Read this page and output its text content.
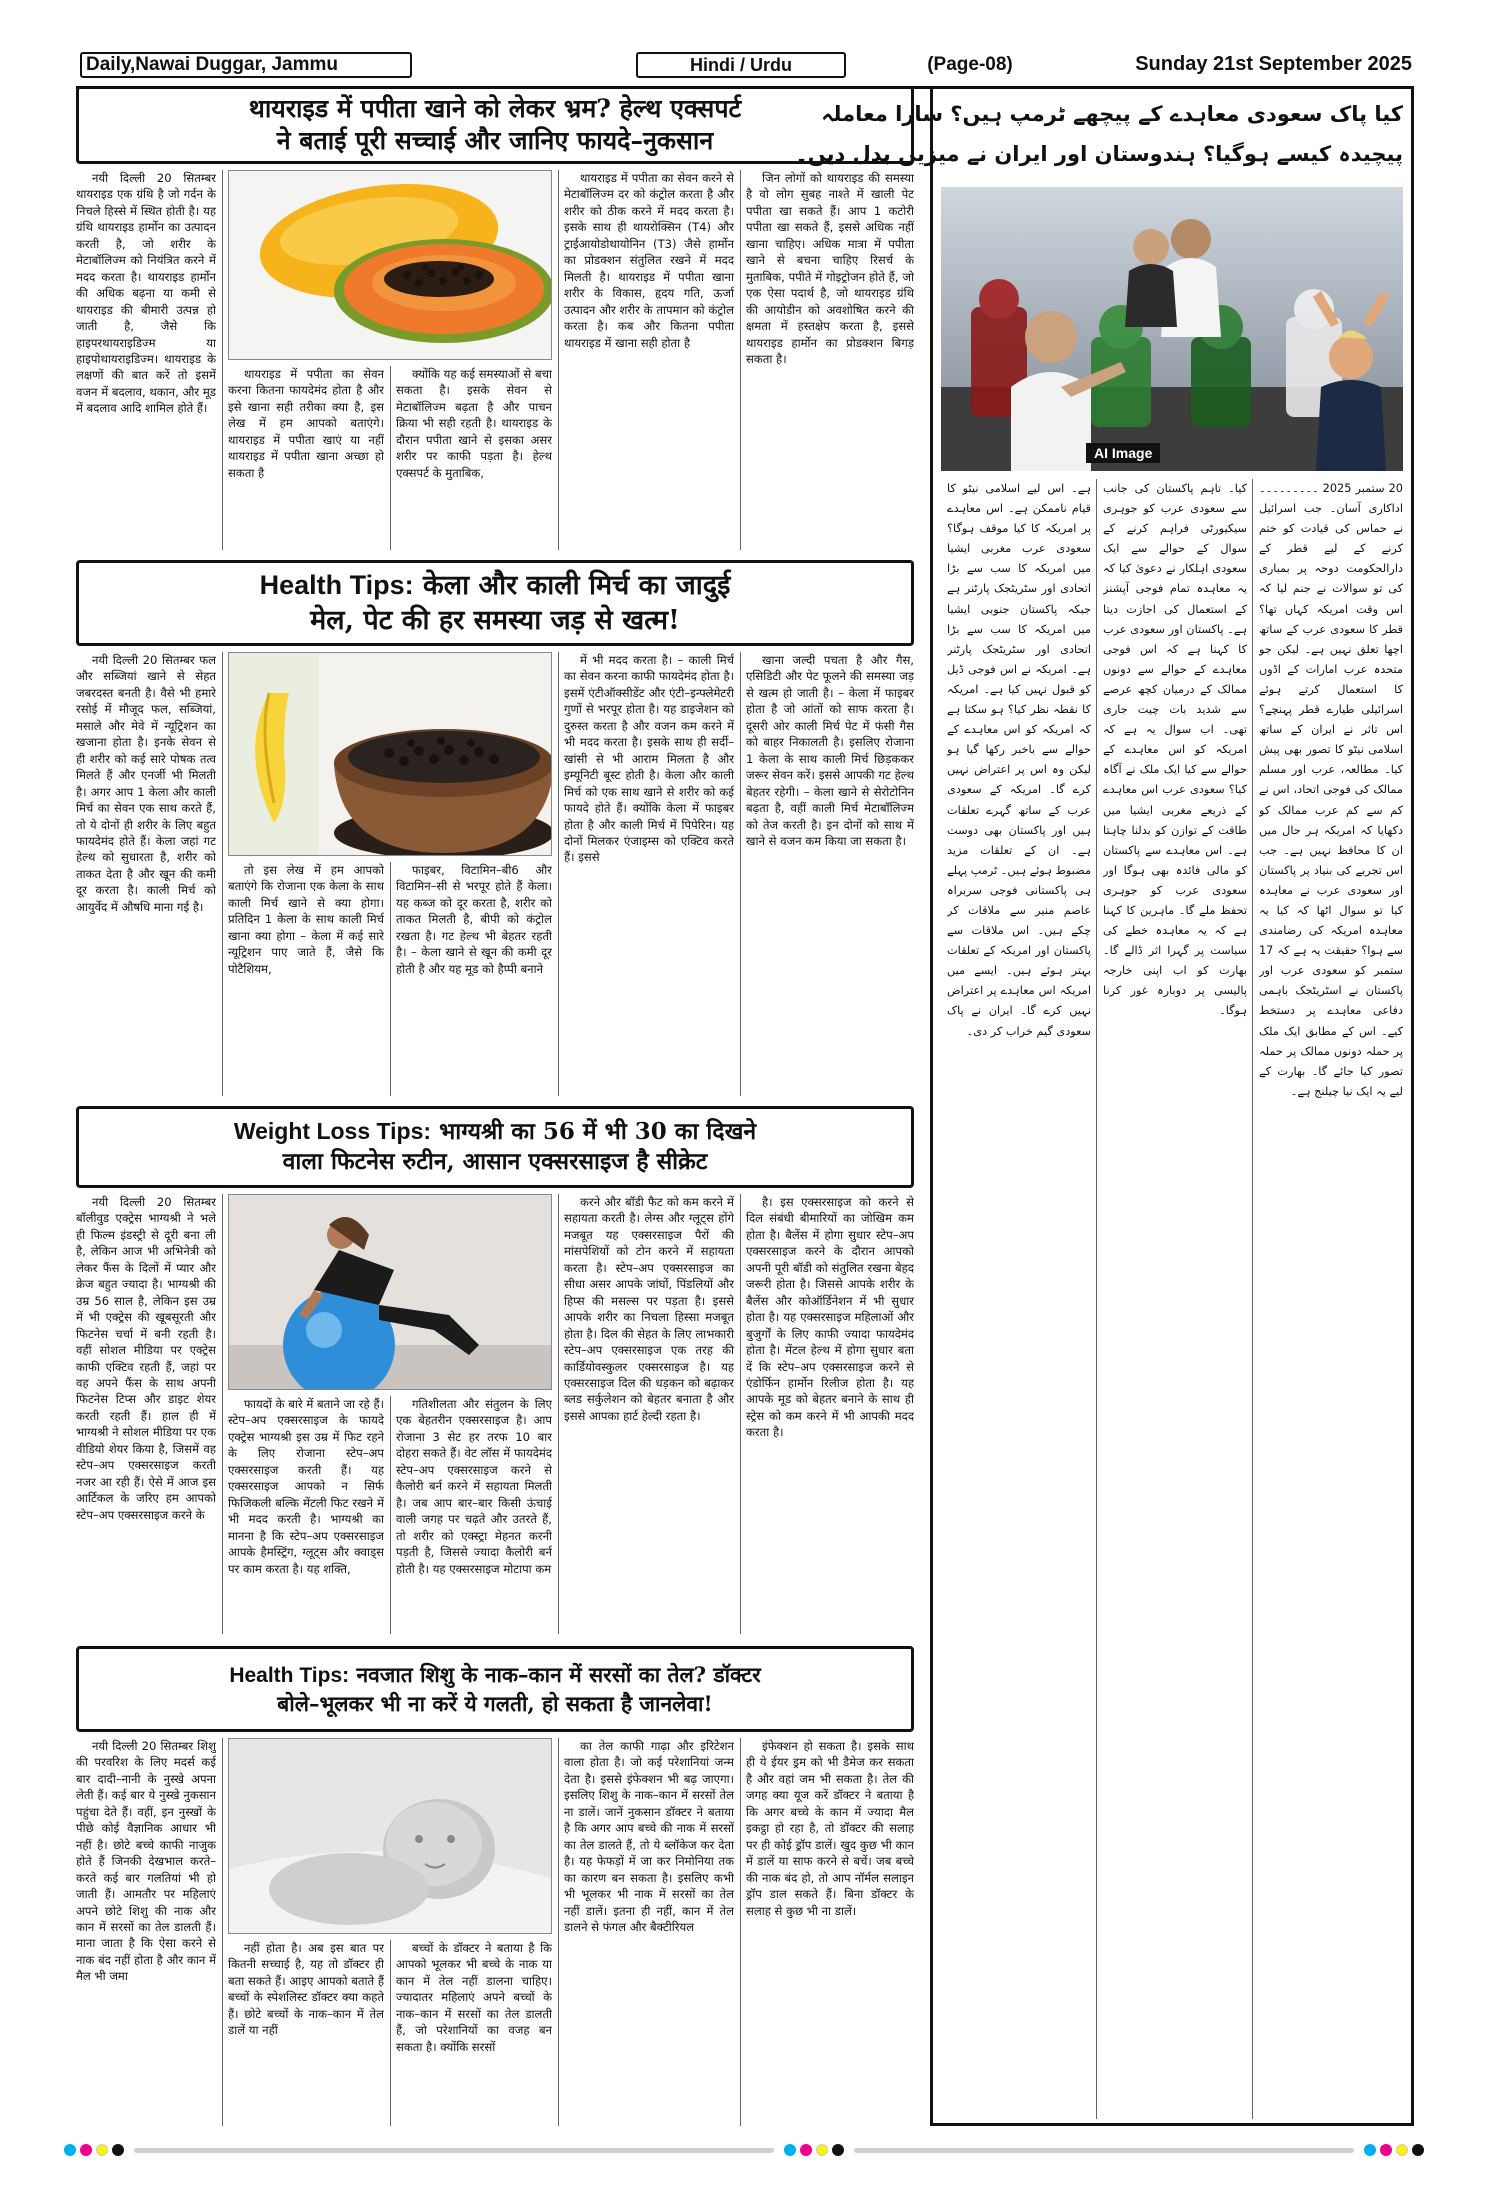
Daily,Nawai Duggar, Jammu	Hindi / Urdu	(Page-08)	Sunday 21st September 2025
थायराइड में पपीता खाने को लेकर भ्रम? हेल्थ एक्सपर्ट
ने बताई पूरी सच्चाई और जानिए फायदे–नुकसान

नयी दिल्ली 20 सितम्बर थायराइड एक ग्रंथि है जो गर्दन के निचले हिस्से में स्थित होती है। यह ग्रंथि थायराइड हार्मोन का उत्पादन करती है, जो शरीर के मेटाबॉलिज्म को नियंत्रित करने में मदद करता है। थायराइड हार्मोन की अधिक बढ़ना या कमी से थायराइड की बीमारी उत्पन्न हो जाती है, जैसे कि हाइपरथायराइडिज्म या हाइपोथायराइडिज्म। थायराइड के लक्षणों की बात करें तो इसमें वजन में बदलाव, थकान, और मूड में बदलाव आदि शामिल होते हैं।

थायराइड में पपीता का सेवन करना कितना फायदेमंद होता है और इसे खाना सही तरीका क्या है, इस लेख में हम आपको बताएंगे। थायराइड में पपीता खाएं या नहीं थायराइड में पपीता खाना अच्छा हो सकता है

क्योंकि यह कई समस्याओं से बचा सकता है। इसके सेवन से मेटाबॉलिज्म बढ़ता है और पाचन क्रिया भी सही रहती है। थायराइड के दौरान पपीता खाने से इसका असर शरीर पर काफी पड़ता है। हेल्थ एक्सपर्ट के मुताबिक,

थायराइड में पपीता का सेवन करने से मेटाबॉलिज्म दर को कंट्रोल करता है और शरीर को ठीक करने में मदद करता है। इसके साथ ही थायरोक्सिन (T4) और ट्राईआयोडोथायोनिन (T3) जैसे हार्मोन का प्रोडक्शन संतुलित रखने में मदद मिलती है। थायराइड में पपीता खाना शरीर के विकास, हृदय गति, ऊर्जा उत्पादन और शरीर के तापमान को कंट्रोल करता है। कब और कितना पपीता थायराइड में खाना सही होता है

जिन लोगों को थायराइड की समस्या है वो लोग सुबह नाश्ते में खाली पेट पपीता खा सकते हैं। आप 1 कटोरी पपीता खा सकते हैं, इससे अधिक नहीं खाना चाहिए। अधिक मात्रा में पपीता खाने से बचना चाहिए रिसर्च के मुताबिक, पपीते में गोइट्रोजन होते हैं, जो एक ऐसा पदार्थ है, जो थायराइड ग्रंथि की आयोडीन को अवशोषित करने की क्षमता में हस्तक्षेप करता है, इससे थायराइड हार्मोन का प्रोडक्शन बिगड़ सकता है।

Health Tips: केला और काली मिर्च का जादुई
मेल, पेट की हर समस्या जड़ से खत्म!

नयी दिल्ली 20 सितम्बर फल और सब्जियां खाने से सेहत जबरदस्त बनती है। वैसे भी हमारे रसोई में मौजूद फल, सब्जियां, मसाले और मेवे में न्यूट्रिशन का खजाना होता है। इनके सेवन से ही शरीर को कई सारे पोषक तत्व मिलते हैं और एनर्जी भी मिलती है। अगर आप 1 केला और काली मिर्च का सेवन एक साथ करते हैं, तो ये दोनों ही शरीर के लिए बहुत फायदेमंद होते हैं। केला जहां गट हेल्थ को सुधारता है, शरीर को ताकत देता है और खून की कमी दूर करता है। काली मिर्च को आयुर्वेद में औषधि माना गई है।

तो इस लेख में हम आपको बताएंगे कि रोजाना एक केला के साथ काली मिर्च खाने से क्या होगा। प्रतिदिन 1 केला के साथ काली मिर्च खाना क्या होगा – केला में कई सारे न्यूट्रिशन पाए जाते हैं, जैसे कि पोटैशियम,

फाइबर, विटामिन–बी6 और विटामिन–सी से भरपूर होते हैं केला। यह कब्ज को दूर करता है, शरीर को ताकत मिलती है, बीपी को कंट्रोल रखता है। गट हेल्थ भी बेहतर रहती है। – केला खाने से खून की कमी दूर होती है और यह मूड को हैप्पी बनाने

में भी मदद करता है। – काली मिर्च का सेवन करना काफी फायदेमंद होता है। इसमें एंटीऑक्सीडेंट और एंटी–इन्फ्लेमेटरी गुणों से भरपूर होता है। यह डाइजेशन को दुरुस्त करता है और वजन कम करने में भी मदद करता है। इसके साथ ही सर्दी–खांसी से भी आराम मिलता है और इम्यूनिटी बूस्ट होती है। केला और काली मिर्च को एक साथ खाने से शरीर को कई फायदे होते हैं। क्योंकि केला में फाइबर होता है और काली मिर्च में पिपेरिन। यह दोनों मिलकर एंजाइम्स को एक्टिव करते हैं। इससे

खाना जल्दी पचता है और गैस, एसिडिटी और पेट फूलने की समस्या जड़ से खत्म हो जाती है। – केला में फाइबर होता है जो आंतों को साफ करता है। दूसरी ओर काली मिर्च पेट में फंसी गैस को बाहर निकालती है। इसलिए रोजाना 1 केला के साथ काली मिर्च छिड़ककर जरूर सेवन करें। इससे आपकी गट हेल्थ बेहतर रहेगी। – केला खाने से सेरोटोनिन बढ़ता है, वहीं काली मिर्च मेटाबॉलिज्म को तेज करती है। इन दोनों को साथ में खाने से वजन कम किया जा सकता है।

Weight Loss Tips: भाग्यश्री का 56 में भी 30 का दिखने
वाला फिटनेस रुटीन, आसान एक्सरसाइज है सीक्रेट

नयी दिल्ली 20 सितम्बर बॉलीवुड एक्ट्रेस भाग्यश्री ने भले ही फिल्म इंडस्ट्री से दूरी बना ली है, लेकिन आज भी अभिनेत्री को लेकर फैंस के दिलों में प्यार और क्रेज बहुत ज्यादा है। भाग्यश्री की उम्र 56 साल है, लेकिन इस उम्र में भी एक्ट्रेस की खूबसूरती और फिटनेस चर्चा में बनी रहती है। वहीं सोशल मीडिया पर एक्ट्रेस काफी एक्टिव रहती हैं, जहां पर वह अपने फैंस के साथ अपनी फिटनेस टिप्स और डाइट शेयर करती रहती हैं। हाल ही में भाग्यश्री ने सोशल मीडिया पर एक वीडियो शेयर किया है, जिसमें वह स्टेप–अप एक्सरसाइज करती नजर आ रही हैं। ऐसे में आज इस आर्टिकल के जरिए हम आपको स्टेप–अप एक्सरसाइज करने के

फायदों के बारे में बताने जा रहे हैं। स्टेप–अप एक्सरसाइज के फायदे एक्ट्रेस भाग्यश्री इस उम्र में फिट रहने के लिए रोजाना स्टेप–अप एक्सरसाइज करती हैं। यह एक्सरसाइज आपको न सिर्फ फिजिकली बल्कि मेंटली फिट रखने में भी मदद करती है। भाग्यश्री का मानना है कि स्टेप–अप एक्सरसाइज आपके हैमस्ट्रिंग, ग्लूट्स और क्वाड्स पर काम करता है। यह शक्ति,

गतिशीलता और संतुलन के लिए एक बेहतरीन एक्सरसाइज है। आप रोजाना 3 सेट हर तरफ 10 बार दोहरा सकते हैं। वेट लॉस में फायदेमंद स्टेप–अप एक्सरसाइज करने से कैलोरी बर्न करने में सहायता मिलती है। जब आप बार–बार किसी ऊंचाई वाली जगह पर चढ़ते और उतरते हैं, तो शरीर को एक्स्ट्रा मेहनत करनी पड़ती है, जिससे ज्यादा कैलोरी बर्न होती है। यह एक्सरसाइज मोटापा कम

करने और बॉडी फैट को कम करने में सहायता करती है। लेग्स और ग्लूट्स होंगे मजबूत यह एक्सरसाइज पैरों की मांसपेशियों को टोन करने में सहायता करता है। स्टेप–अप एक्सरसाइज का सीधा असर आपके जांघों, पिंडलियों और हिप्स की मसल्स पर पड़ता है। इससे आपके शरीर का निचला हिस्सा मजबूत होता है। दिल की सेहत के लिए लाभकारी स्टेप–अप एक्सरसाइज एक तरह की कार्डियोवस्कुलर एक्सरसाइज है। यह एक्सरसाइज दिल की धड़कन को बढ़ाकर ब्लड सर्कुलेशन को बेहतर बनाता है और इससे आपका हार्ट हेल्दी रहता है।

है। इस एक्सरसाइज को करने से दिल संबंधी बीमारियों का जोखिम कम होता है। बैलेंस में होगा सुधार स्टेप–अप एक्सरसाइज करने के दौरान आपको अपनी पूरी बॉडी को संतुलित रखना बेहद जरूरी होता है। जिससे आपके शरीर के बैलेंस और कोऑर्डिनेशन में भी सुधार होता है। यह एक्सरसाइज महिलाओं और बुजुर्गों के लिए काफी ज्यादा फायदेमंद होता है। मेंटल हेल्थ में होगा सुधार बता दें कि स्टेप–अप एक्सरसाइज करने से एंडोर्फिन हार्मोन रिलीज होता है। यह आपके मूड को बेहतर बनाने के साथ ही स्ट्रेस को कम करने में भी आपकी मदद करता है।

Health Tips: नवजात शिशु के नाक–कान में सरसों का तेल? डॉक्टर
बोले–भूलकर भी ना करें ये गलती, हो सकता है जानलेवा!

नयी दिल्ली 20 सितम्बर शिशु की परवरिश के लिए मदर्स कई बार दादी–नानी के नुस्खे अपना लेती हैं। कई बार ये नुस्खे नुकसान पहुंचा देते हैं। वहीं, इन नुस्खों के पीछे कोई वैज्ञानिक आधार भी नहीं है। छोटे बच्चे काफी नाजुक होते हैं जिनकी देखभाल करते–करते कई बार गलतियां भी हो जाती हैं। आमतौर पर महिलाएं अपने छोटे शिशु की नाक और कान में सरसों का तेल डालती हैं। माना जाता है कि ऐसा करने से नाक बंद नहीं होता है और कान में मैल भी जमा

नहीं होता है। अब इस बात पर कितनी सच्चाई है, यह तो डॉक्टर ही बता सकते हैं। आइए आपको बताते हैं बच्चों के स्पेशलिस्ट डॉक्टर क्या कहते हैं। छोटे बच्चों के नाक–कान में तेल डालें या नहीं

बच्चों के डॉक्टर ने बताया है कि आपको भूलकर भी बच्चे के नाक या कान में तेल नहीं डालना चाहिए। ज्यादातर महिलाएं अपने बच्चों के नाक–कान में सरसों का तेल डालती हैं, जो परेशानियों का वजह बन सकता है। क्योंकि सरसों

का तेल काफी गाढ़ा और इरिटेशन वाला होता है। जो कई परेशानियां जन्म देता है। इससे इंफेक्शन भी बढ़ जाएगा। इसलिए शिशु के नाक–कान में सरसों तेल ना डालें। जानें नुकसान डॉक्टर ने बताया है कि अगर आप बच्चे की नाक में सरसों का तेल डालते हैं, तो ये ब्लॉकेज कर देता है। यह फेफड़ों में जा कर निमोनिया तक का कारण बन सकता है। इसलिए कभी भी भूलकर भी नाक में सरसों का तेल नहीं डालें। इतना ही नहीं, कान में तेल डालने से फंगल और बैक्टीरियल

इंफेक्शन हो सकता है। इसके साथ ही ये ईयर ड्रम को भी डैमेज कर सकता है और वहां जम भी सकता है। तेल की जगह क्या यूज करें डॉक्टर ने बताया है कि अगर बच्चे के कान में ज्यादा मैल इकट्ठा हो रहा है, तो डॉक्टर की सलाह पर ही कोई ड्रॉप डालें। खुद कुछ भी कान में डालें या साफ करने से बचें। जब बच्चे की नाक बंद हो, तो आप नॉर्मल सलाइन ड्रॉप डाल सकते हैं। बिना डॉक्टर के सलाह से कुछ भी ना डालें।

کیا پاک سعودی معاہدے کے پیچھے ٹرمپ ہیں؟ سارا معاملہ
پیچیدہ کیسے ہوگیا؟ ہندوستان اور ایران نے میزیں بدل دیں۔
AI Image
20 ستمبر 2025 ۔۔۔۔۔۔۔۔۔ اداکاری آسان۔ جب اسرائیل نے حماس کی قیادت کو ختم کرنے کے لیے قطر کے دارالحکومت دوحہ پر بمباری کی تو سوالات نے جنم لیا کہ اس وقت امریکہ کہاں تھا؟ قطر کا سعودی عرب کے ساتھ اچھا تعلق نہیں ہے۔ لیکن جو متحدہ عرب امارات کے اڈوں کا استعمال کرتے ہوئے اسرائیلی طیارے قطر پہنچے؟ اس تاثر نے ایران کے ساتھ اسلامی نیٹو کا تصور بھی پیش کیا۔ مطالعہ، عرب اور مسلم ممالک کی فوجی اتحاد، اس نے کم سے کم عرب ممالک کو دکھایا کہ امریکہ ہر حال میں ان کا محافظ نہیں ہے۔ جب اس تجربے کی بنیاد پر پاکستان اور سعودی عرب نے معاہدہ کیا تو سوال اٹھا کہ کیا یہ معاہدہ امریکہ کی رضامندی سے ہوا؟ حقیقت یہ ہے کہ 17 ستمبر کو سعودی عرب اور پاکستان نے اسٹریٹجک باہمی دفاعی معاہدے پر دستخط کیے۔ اس کے مطابق ایک ملک پر حملہ دونوں ممالک پر حملہ تصور کیا جائے گا۔ بھارت کے لیے یہ ایک نیا چیلنج ہے۔
کیا۔ تاہم پاکستان کی جانب سے سعودی عرب کو جوہری سیکیورٹی فراہم کرنے کے سوال کے حوالے سے ایک سعودی اہلکار نے دعویٰ کیا کہ یہ معاہدہ تمام فوجی آپشنز کے استعمال کی اجازت دیتا ہے۔ پاکستان اور سعودی عرب کا کہنا ہے کہ اس فوجی معاہدے کے حوالے سے دونوں ممالک کے درمیان کچھ عرصے سے شدید بات چیت جاری تھی۔ اب سوال یہ ہے کہ امریکہ کو اس معاہدے کے حوالے سے کیا ایک ملک نے آگاہ کیا؟ سعودی عرب اس معاہدے کے ذریعے مغربی ایشیا میں طاقت کے توازن کو بدلنا چاہتا ہے۔ اس معاہدے سے پاکستان کو مالی فائدہ بھی ہوگا اور سعودی عرب کو جوہری تحفظ ملے گا۔ ماہرین کا کہنا ہے کہ یہ معاہدہ خطے کی سیاست پر گہرا اثر ڈالے گا۔ بھارت کو اب اپنی خارجہ پالیسی پر دوبارہ غور کرنا ہوگا۔
ہے۔ اس لیے اسلامی نیٹو کا قیام ناممکن ہے۔ اس معاہدے پر امریکہ کا کیا موقف ہوگا؟ سعودی عرب مغربی ایشیا میں امریکہ کا سب سے بڑا اتحادی اور سٹریٹجک پارٹنر ہے جبکہ پاکستان جنوبی ایشیا میں امریکہ کا سب سے بڑا اتحادی اور سٹریٹجک پارٹنر ہے۔ امریکہ نے اس فوجی ڈیل کو قبول نہیں کیا ہے۔ امریکہ کا نقطہ نظر کیا؟ ہو سکتا ہے کہ امریکہ کو اس معاہدے کے حوالے سے باخبر رکھا گیا ہو لیکن وہ اس پر اعتراض نہیں کرے گا۔ امریکہ کے سعودی عرب کے ساتھ گہرے تعلقات ہیں اور پاکستان بھی دوست ہے۔ ان کے تعلقات مزید مضبوط ہوئے ہیں۔ ٹرمپ پہلے ہی پاکستانی فوجی سربراہ عاصم منیر سے ملاقات کر چکے ہیں۔ اس ملاقات سے پاکستان اور امریکہ کے تعلقات بہتر ہوئے ہیں۔ ایسے میں امریکہ اس معاہدے پر اعتراض نہیں کرے گا۔ ایران نے پاک سعودی گیم خراب کر دی۔
